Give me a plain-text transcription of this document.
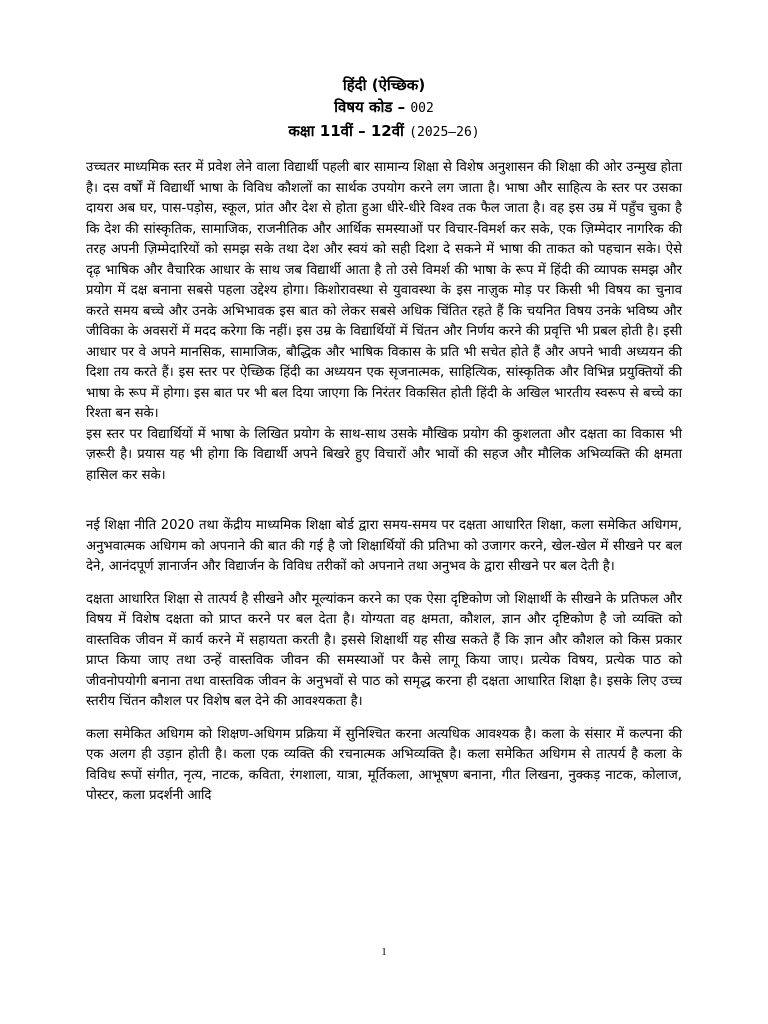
हिंदी (ऐच्छिक)
विषय कोड – 002
कक्षा 11वीं – 12वीं (2025–26)

उच्चतर माध्यमिक स्तर में प्रवेश लेने वाला विद्यार्थी पहली बार सामान्य शिक्षा से विशेष अनुशासन की शिक्षा की ओर उन्मुख होता है। दस वर्षों में विद्यार्थी भाषा के विविध कौशलों का सार्थक उपयोग करने लग जाता है। भाषा और साहित्य के स्तर पर उसका दायरा अब घर, पास-पड़ोस, स्कूल, प्रांत और देश से होता हुआ धीरे-धीरे विश्व तक फैल जाता है। वह इस उम्र में पहुँच चुका है कि देश की सांस्कृतिक, सामाजिक, राजनीतिक और आर्थिक समस्याओं पर विचार-विमर्श कर सके, एक ज़िम्मेदार नागरिक की तरह अपनी ज़िम्मेदारियों को समझ सके तथा देश और स्वयं को सही दिशा दे सकने में भाषा की ताकत को पहचान सके। ऐसे दृढ़ भाषिक और वैचारिक आधार के साथ जब विद्यार्थी आता है तो उसे विमर्श की भाषा के रूप में हिंदी की व्यापक समझ और प्रयोग में दक्ष बनाना सबसे पहला उद्देश्य होगा। किशोरावस्था से युवावस्था के इस नाज़ुक मोड़ पर किसी भी विषय का चुनाव करते समय बच्चे और उनके अभिभावक इस बात को लेकर सबसे अधिक चिंतित रहते हैं कि चयनित विषय उनके भविष्य और जीविका के अवसरों में मदद करेगा कि नहीं। इस उम्र के विद्यार्थियों में चिंतन और निर्णय करने की प्रवृत्ति भी प्रबल होती है। इसी आधार पर वे अपने मानसिक, सामाजिक, बौद्धिक और भाषिक विकास के प्रति भी सचेत होते हैं और अपने भावी अध्ययन की दिशा तय करते हैं। इस स्तर पर ऐच्छिक हिंदी का अध्ययन एक सृजनात्मक, साहित्यिक, सांस्कृतिक और विभिन्न प्रयुक्तियों की भाषा के रूप में होगा। इस बात पर भी बल दिया जाएगा कि निरंतर विकसित होती हिंदी के अखिल भारतीय स्वरूप से बच्चे का रिश्ता बन सके।

इस स्तर पर विद्यार्थियों में भाषा के लिखित प्रयोग के साथ-साथ उसके मौखिक प्रयोग की कुशलता और दक्षता का विकास भी ज़रूरी है। प्रयास यह भी होगा कि विद्यार्थी अपने बिखरे हुए विचारों और भावों की सहज और मौलिक अभिव्यक्ति की क्षमता हासिल कर सके।

नई शिक्षा नीति 2020 तथा केंद्रीय माध्यमिक शिक्षा बोर्ड द्वारा समय-समय पर दक्षता आधारित शिक्षा, कला समेकित अधिगम, अनुभवात्मक अधिगम को अपनाने की बात की गई है जो शिक्षार्थियों की प्रतिभा को उजागर करने, खेल-खेल में सीखने पर बल देने, आनंदपूर्ण ज्ञानार्जन और विद्यार्जन के विविध तरीकों को अपनाने तथा अनुभव के द्वारा सीखने पर बल देती है।

दक्षता आधारित शिक्षा से तात्पर्य है सीखने और मूल्यांकन करने का एक ऐसा दृष्टिकोण जो शिक्षार्थी के सीखने के प्रतिफल और विषय में विशेष दक्षता को प्राप्त करने पर बल देता है। योग्यता वह क्षमता, कौशल, ज्ञान और दृष्टिकोण है जो व्यक्ति को वास्तविक जीवन में कार्य करने में सहायता करती है। इससे शिक्षार्थी यह सीख सकते हैं कि ज्ञान और कौशल को किस प्रकार प्राप्त किया जाए तथा उन्हें वास्तविक जीवन की समस्याओं पर कैसे लागू किया जाए। प्रत्येक विषय, प्रत्येक पाठ को जीवनोपयोगी बनाना तथा वास्तविक जीवन के अनुभवों से पाठ को समृद्ध करना ही दक्षता आधारित शिक्षा है। इसके लिए उच्च स्तरीय चिंतन कौशल पर विशेष बल देने की आवश्यकता है।

कला समेकित अधिगम को शिक्षण-अधिगम प्रक्रिया में सुनिश्चित करना अत्यधिक आवश्यक है। कला के संसार में कल्पना की एक अलग ही उड़ान होती है। कला एक व्यक्ति की रचनात्मक अभिव्यक्ति है। कला समेकित अधिगम से तात्पर्य है कला के विविध रूपों संगीत, नृत्य, नाटक, कविता, रंगशाला, यात्रा, मूर्तिकला, आभूषण बनाना, गीत लिखना, नुक्कड़ नाटक, कोलाज, पोस्टर, कला प्रदर्शनी आदि

1
